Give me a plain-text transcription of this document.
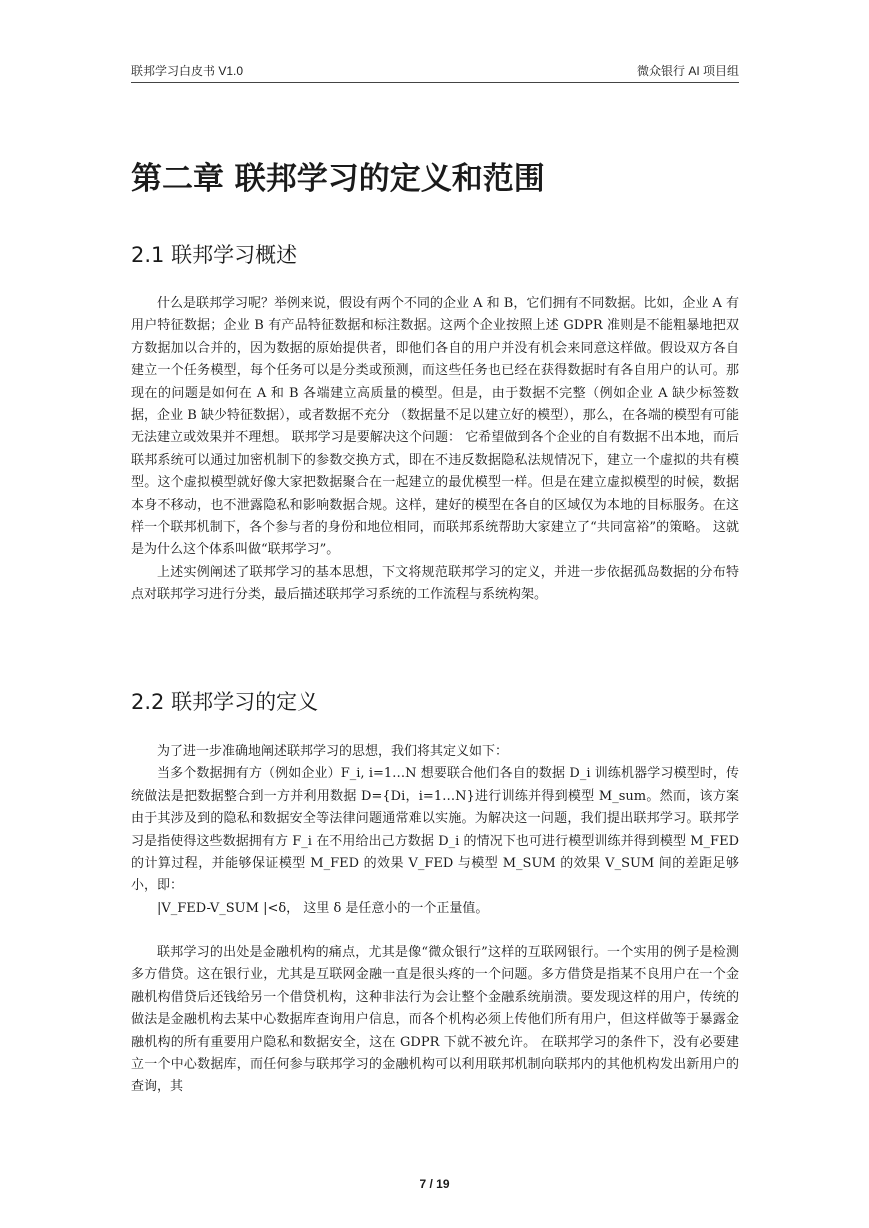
联邦学习白皮书 V1.0	微众银行 AI 项目组
第二章 联邦学习的定义和范围
2.1 联邦学习概述

什么是联邦学习呢？举例来说，假设有两个不同的企业 A 和 B，它们拥有不同数据。比如，企业 A 有用户特征数据；企业 B 有产品特征数据和标注数据。这两个企业按照上述 GDPR 准则是不能粗暴地把双方数据加以合并的，因为数据的原始提供者，即他们各自的用户并没有机会来同意这样做。假设双方各自建立一个任务模型，每个任务可以是分类或预测，而这些任务也已经在获得数据时有各自用户的认可。那现在的问题是如何在 A 和 B 各端建立高质量的模型。但是，由于数据不完整（例如企业 A 缺少标签数据，企业 B 缺少特征数据），或者数据不充分 （数据量不足以建立好的模型），那么，在各端的模型有可能无法建立或效果并不理想。 联邦学习是要解决这个问题： 它希望做到各个企业的自有数据不出本地，而后联邦系统可以通过加密机制下的参数交换方式，即在不违反数据隐私法规情况下，建立一个虚拟的共有模型。这个虚拟模型就好像大家把数据聚合在一起建立的最优模型一样。但是在建立虚拟模型的时候，数据本身不移动，也不泄露隐私和影响数据合规。这样，建好的模型在各自的区域仅为本地的目标服务。在这样一个联邦机制下，各个参与者的身份和地位相同，而联邦系统帮助大家建立了“共同富裕”的策略。 这就是为什么这个体系叫做“联邦学习”。

上述实例阐述了联邦学习的基本思想，下文将规范联邦学习的定义，并进一步依据孤岛数据的分布特点对联邦学习进行分类，最后描述联邦学习系统的工作流程与系统构架。

2.2 联邦学习的定义

为了进一步准确地阐述联邦学习的思想，我们将其定义如下：

当多个数据拥有方（例如企业）F_i, i=1…N 想要联合他们各自的数据 D_i 训练机器学习模型时，传统做法是把数据整合到一方并利用数据 D={Di，i=1…N}进行训练并得到模型 M_sum。然而，该方案由于其涉及到的隐私和数据安全等法律问题通常难以实施。为解决这一问题，我们提出联邦学习。联邦学习是指使得这些数据拥有方 F_i 在不用给出己方数据 D_i 的情况下也可进行模型训练并得到模型 M_FED 的计算过程，并能够保证模型 M_FED 的效果 V_FED 与模型 M_SUM 的效果 V_SUM 间的差距足够小，即：

|V_FED-V_SUM |<δ， 这里 δ 是任意小的一个正量值。

联邦学习的出处是金融机构的痛点，尤其是像“微众银行”这样的互联网银行。一个实用的例子是检测多方借贷。这在银行业，尤其是互联网金融一直是很头疼的一个问题。多方借贷是指某不良用户在一个金融机构借贷后还钱给另一个借贷机构，这种非法行为会让整个金融系统崩溃。要发现这样的用户，传统的做法是金融机构去某中心数据库查询用户信息，而各个机构必须上传他们所有用户，但这样做等于暴露金融机构的所有重要用户隐私和数据安全，这在 GDPR 下就不被允许。 在联邦学习的条件下，没有必要建立一个中心数据库，而任何参与联邦学习的金融机构可以利用联邦机制向联邦内的其他机构发出新用户的查询，其

7 / 19
